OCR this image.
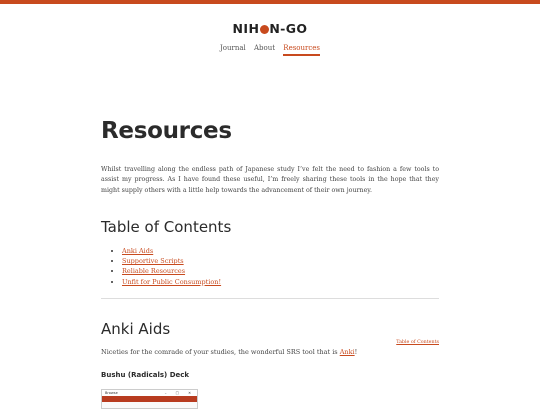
NIH N-GO
Journal About Resources
Resources

Whilst travelling along the endless path of Japanese study I’ve felt the need to fashion a few tools to assist my progress. As I have found these useful, I’m freely sharing these tools in the hope that they might supply others with a little help towards the advancement of their own journey.

Table of Contents
• Anki Aids
• Supportive Scripts
• Reliable Resources
• Unfit for Public Consumption!
Anki Aids
Table of Contents

Niceties for the comrade of your studies, the wonderful SRS tool that is Anki!

Bushu (Radicals) Deck
Browse	– □ ✕
